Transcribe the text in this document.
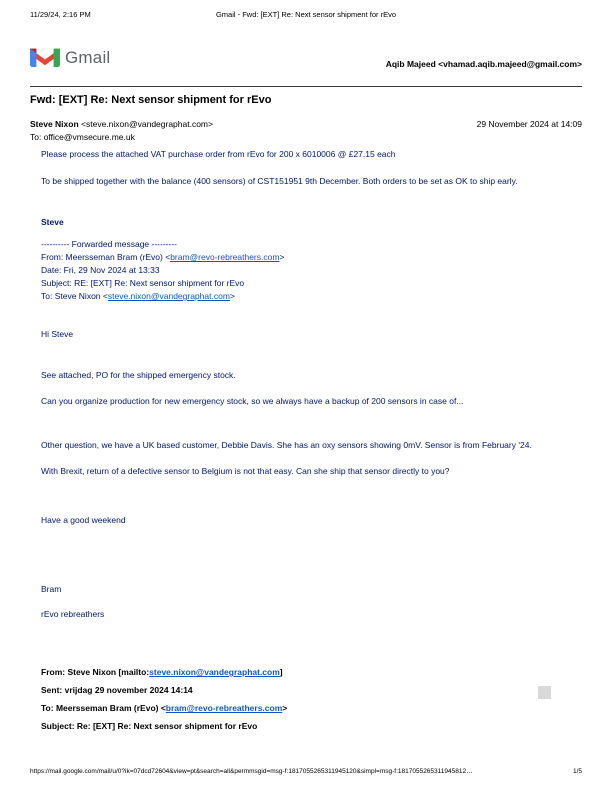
11/29/24, 2:16 PM	Gmail - Fwd: [EXT] Re: Next sensor shipment for rEvo
Gmail	Aqib Majeed <vhamad.aqib.majeed@gmail.com>
Fwd: [EXT] Re: Next sensor shipment for rEvo
Steve Nixon <steve.nixon@vandegraphat.com>	29 November 2024 at 14:09
To: office@vmsecure.me.uk
Please process the attached VAT purchase order from rEvo for 200 x 6010006 @ £27.15 each
To be shipped together with the balance (400 sensors) of CST151951 9th December. Both orders to be set as OK to ship early.
Steve
---------- Forwarded message ---------
From: Meersseman Bram (rEvo) <bram@revo-rebreathers.com>
Date: Fri, 29 Nov 2024 at 13:33
Subject: RE: [EXT] Re: Next sensor shipment for rEvo
To: Steve Nixon <steve.nixon@vandegraphat.com>
Hi Steve
See attached, PO for the shipped emergency stock.
Can you organize production for new emergency stock, so we always have a backup of 200 sensors in case of...
Other question, we have a UK based customer, Debbie Davis. She has an oxy sensors showing 0mV. Sensor is from February '24.
With Brexit, return of a defective sensor to Belgium is not that easy. Can she ship that sensor directly to you?
Have a good weekend
Bram
rEvo rebreathers
From: Steve Nixon [mailto:steve.nixon@vandegraphat.com]
Sent: vrijdag 29 november 2024 14:14
To: Meersseman Bram (rEvo) <bram@revo-rebreathers.com>
Subject: Re: [EXT] Re: Next sensor shipment for rEvo
https://mail.google.com/mail/u/0?ik=07dcd72604&view=pt&search=all&permmsgid=msg-f:1817055265311945120&simpl=msg-f:1817055265311945812…	1/5
